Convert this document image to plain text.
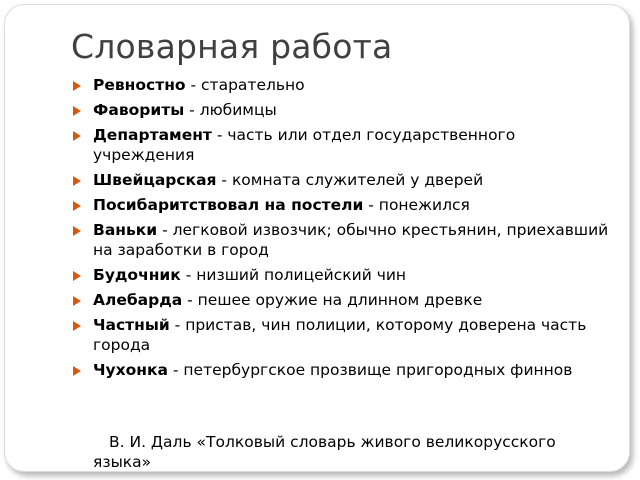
Словарная работа
Ревностно - старательно
Фавориты - любимцы
Департамент - часть или отдел государственного учреждения
Швейцарская - комната служителей у дверей
Посибаритствовал на постели - понежился
Ваньки - легковой извозчик; обычно крестьянин, приехавший на заработки в город
Будочник - низший полицейский чин
Алебарда - пешее оружие на длинном древке
Частный - пристав, чин полиции, которому доверена часть города
Чухонка - петербургское прозвище пригородных финнов
В. И. Даль «Толковый словарь живого великорусского языка»
